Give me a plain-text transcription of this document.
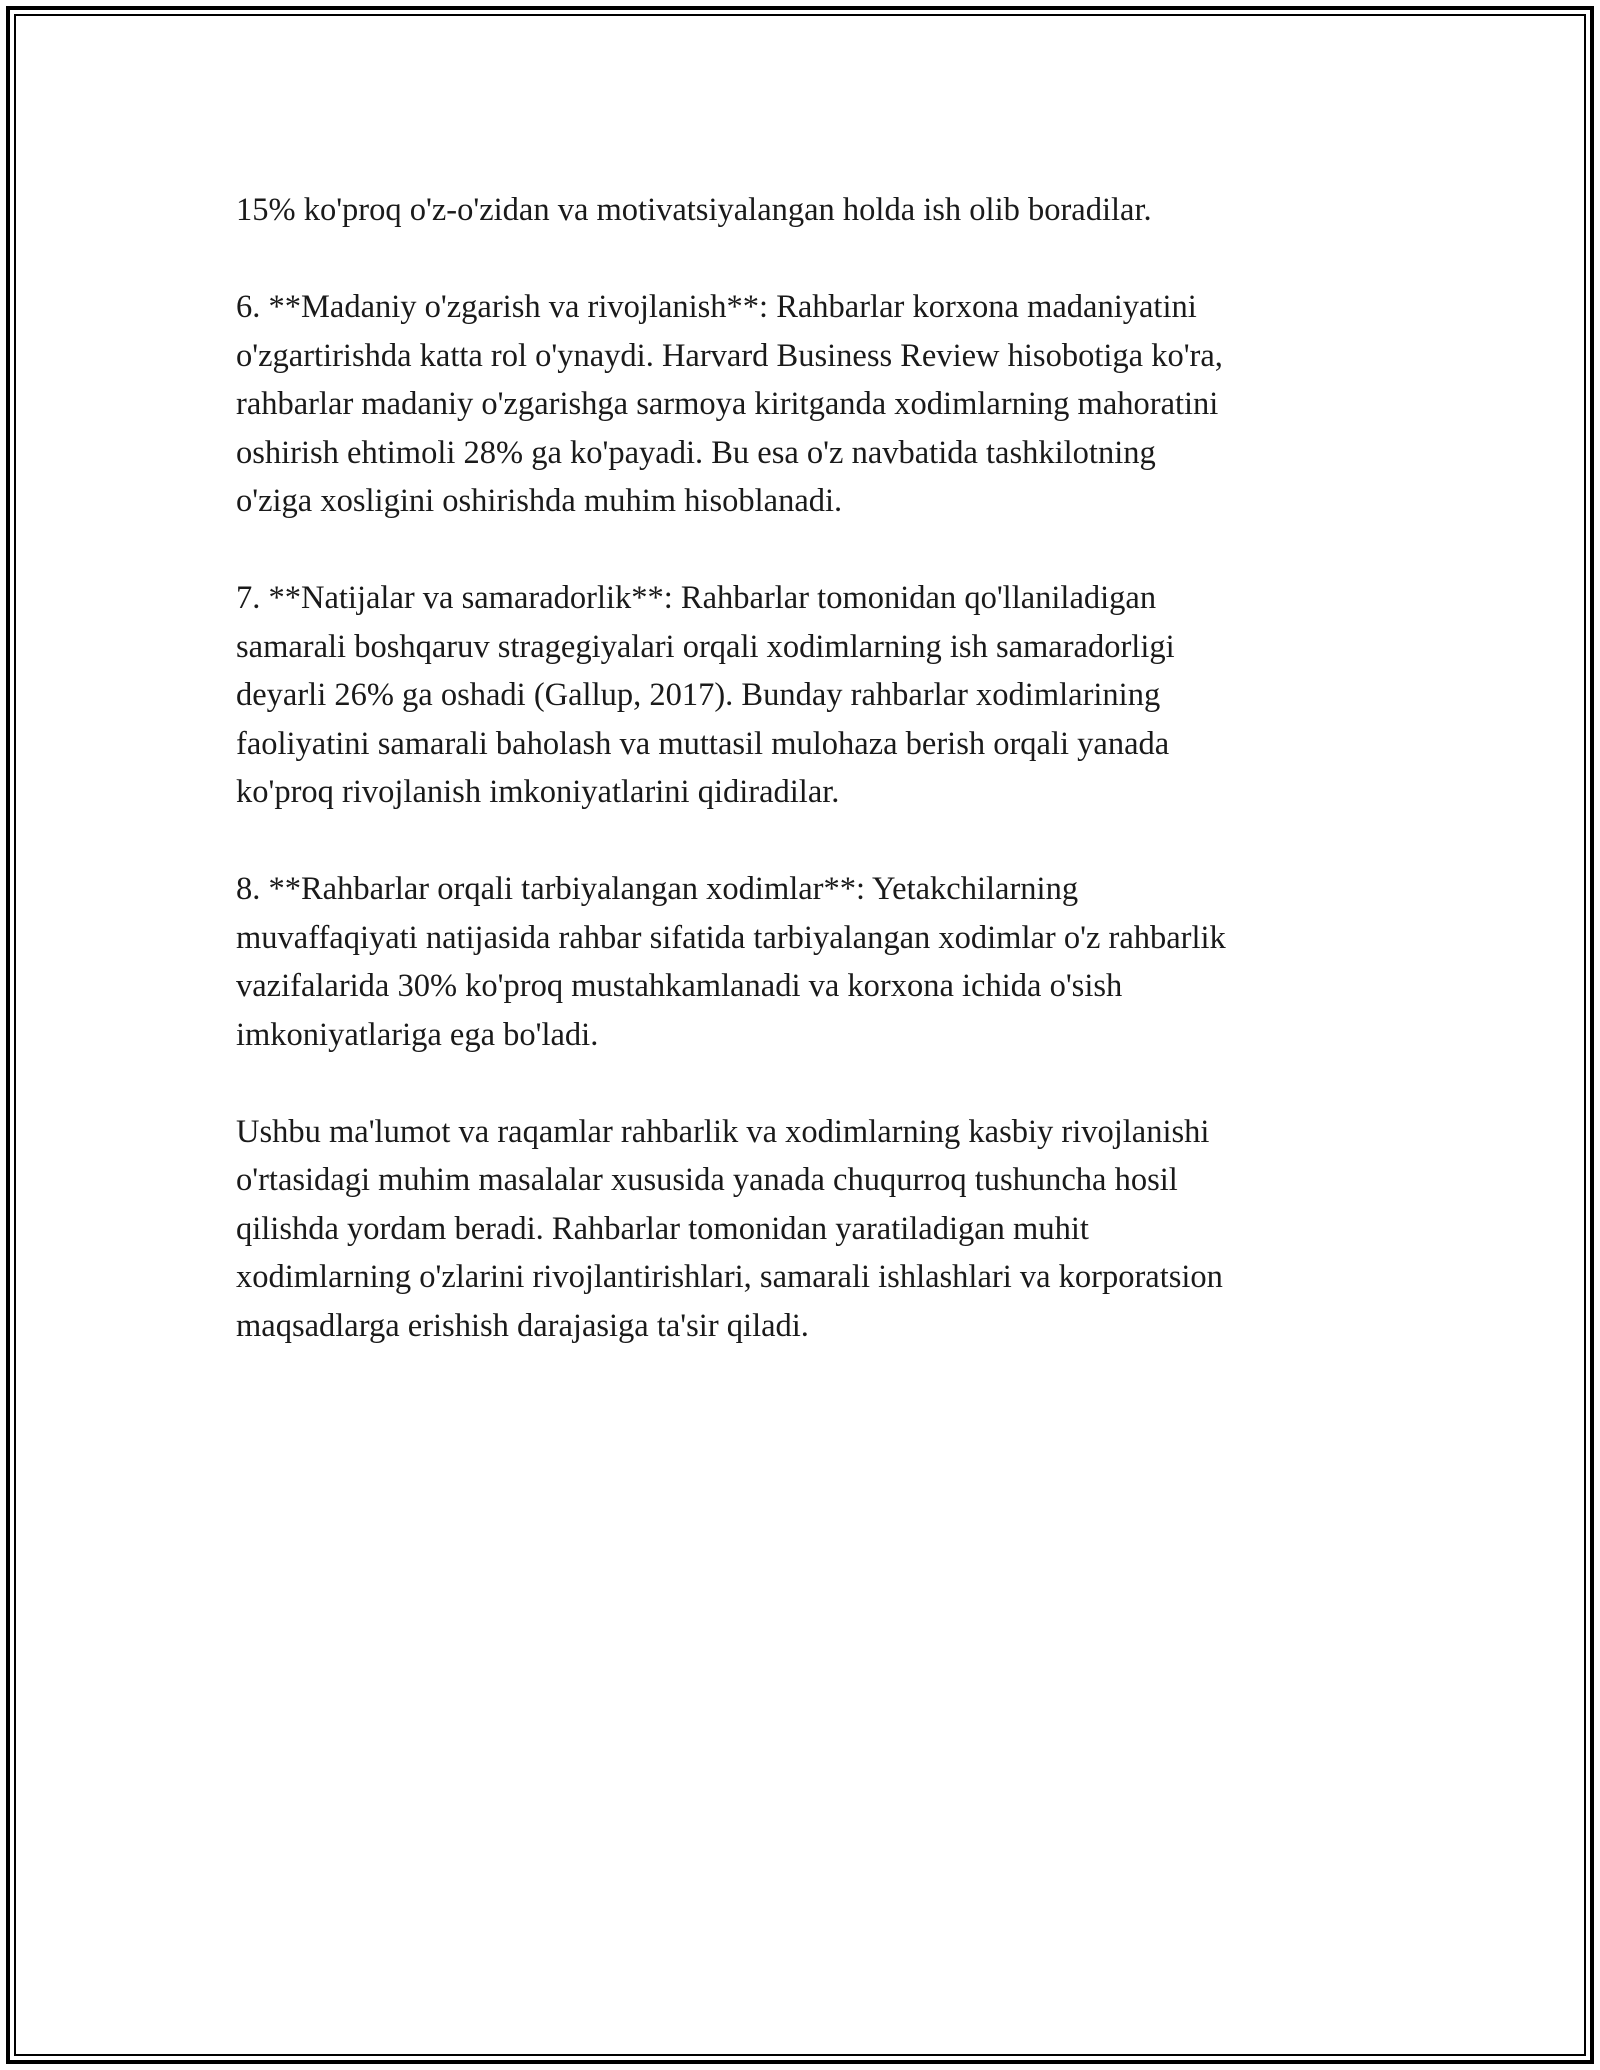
15% ko'proq o'z-o'zidan va motivatsiyalangan holda ish olib boradilar.
6. **Madaniy o'zgarish va rivojlanish**: Rahbarlar korxona madaniyatini
o'zgartirishda katta rol o'ynaydi. Harvard Business Review hisobotiga ko'ra,
rahbarlar madaniy o'zgarishga sarmoya kiritganda xodimlarning mahoratini
oshirish ehtimoli 28% ga ko'payadi. Bu esa o'z navbatida tashkilotning
o'ziga xosligini oshirishda muhim hisoblanadi.
7. **Natijalar va samaradorlik**: Rahbarlar tomonidan qo'llaniladigan
samarali boshqaruv stragegiyalari orqali xodimlarning ish samaradorligi
deyarli 26% ga oshadi (Gallup, 2017). Bunday rahbarlar xodimlarining
faoliyatini samarali baholash va muttasil mulohaza berish orqali yanada
ko'proq rivojlanish imkoniyatlarini qidiradilar.
8. **Rahbarlar orqali tarbiyalangan xodimlar**: Yetakchilarning
muvaffaqiyati natijasida rahbar sifatida tarbiyalangan xodimlar o'z rahbarlik
vazifalarida 30% ko'proq mustahkamlanadi va korxona ichida o'sish
imkoniyatlariga ega bo'ladi.
Ushbu ma'lumot va raqamlar rahbarlik va xodimlarning kasbiy rivojlanishi
o'rtasidagi muhim masalalar xususida yanada chuqurroq tushuncha hosil
qilishda yordam beradi. Rahbarlar tomonidan yaratiladigan muhit
xodimlarning o'zlarini rivojlantirishlari, samarali ishlashlari va korporatsion
maqsadlarga erishish darajasiga ta'sir qiladi.
